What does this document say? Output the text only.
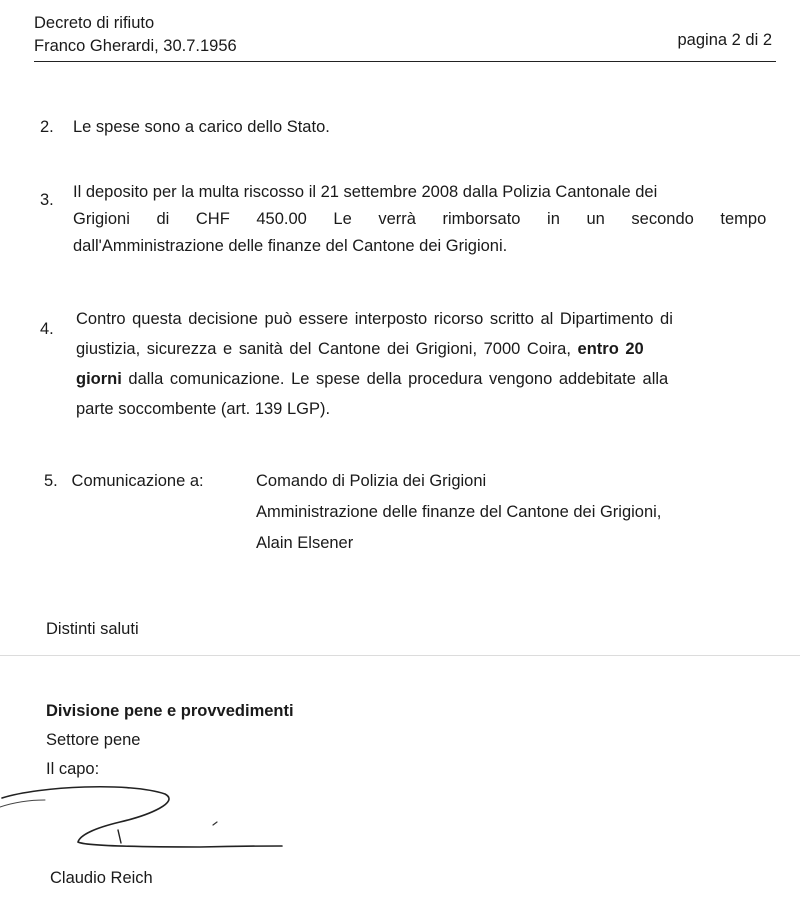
Decreto di rifiuto
Franco Gherardi, 30.7.1956	pagina 2 di 2
2. Le spese sono a carico dello Stato.
3. Il deposito per la multa riscosso il 21 settembre 2008 dalla Polizia Cantonale dei
Grigioni di CHF 450.00 Le verrà rimborsato in un secondo tempo
dall'Amministrazione delle finanze del Cantone dei Grigioni.
4.
Contro questa decisione può essere interposto ricorso scritto al Dipartimento di
giustizia, sicurezza e sanità del Cantone dei Grigioni, 7000 Coira, entro 20
giorni dalla comunicazione. Le spese della procedura vengono addebitate alla
parte soccombente (art. 139 LGP).
5. Comunicazione a:	Comando di Polizia dei Grigioni
Amministrazione delle finanze del Cantone dei Grigioni,
Alain Elsener
Distinti saluti
Divisione pene e provvedimenti
Settore pene
Il capo:
Claudio Reich
